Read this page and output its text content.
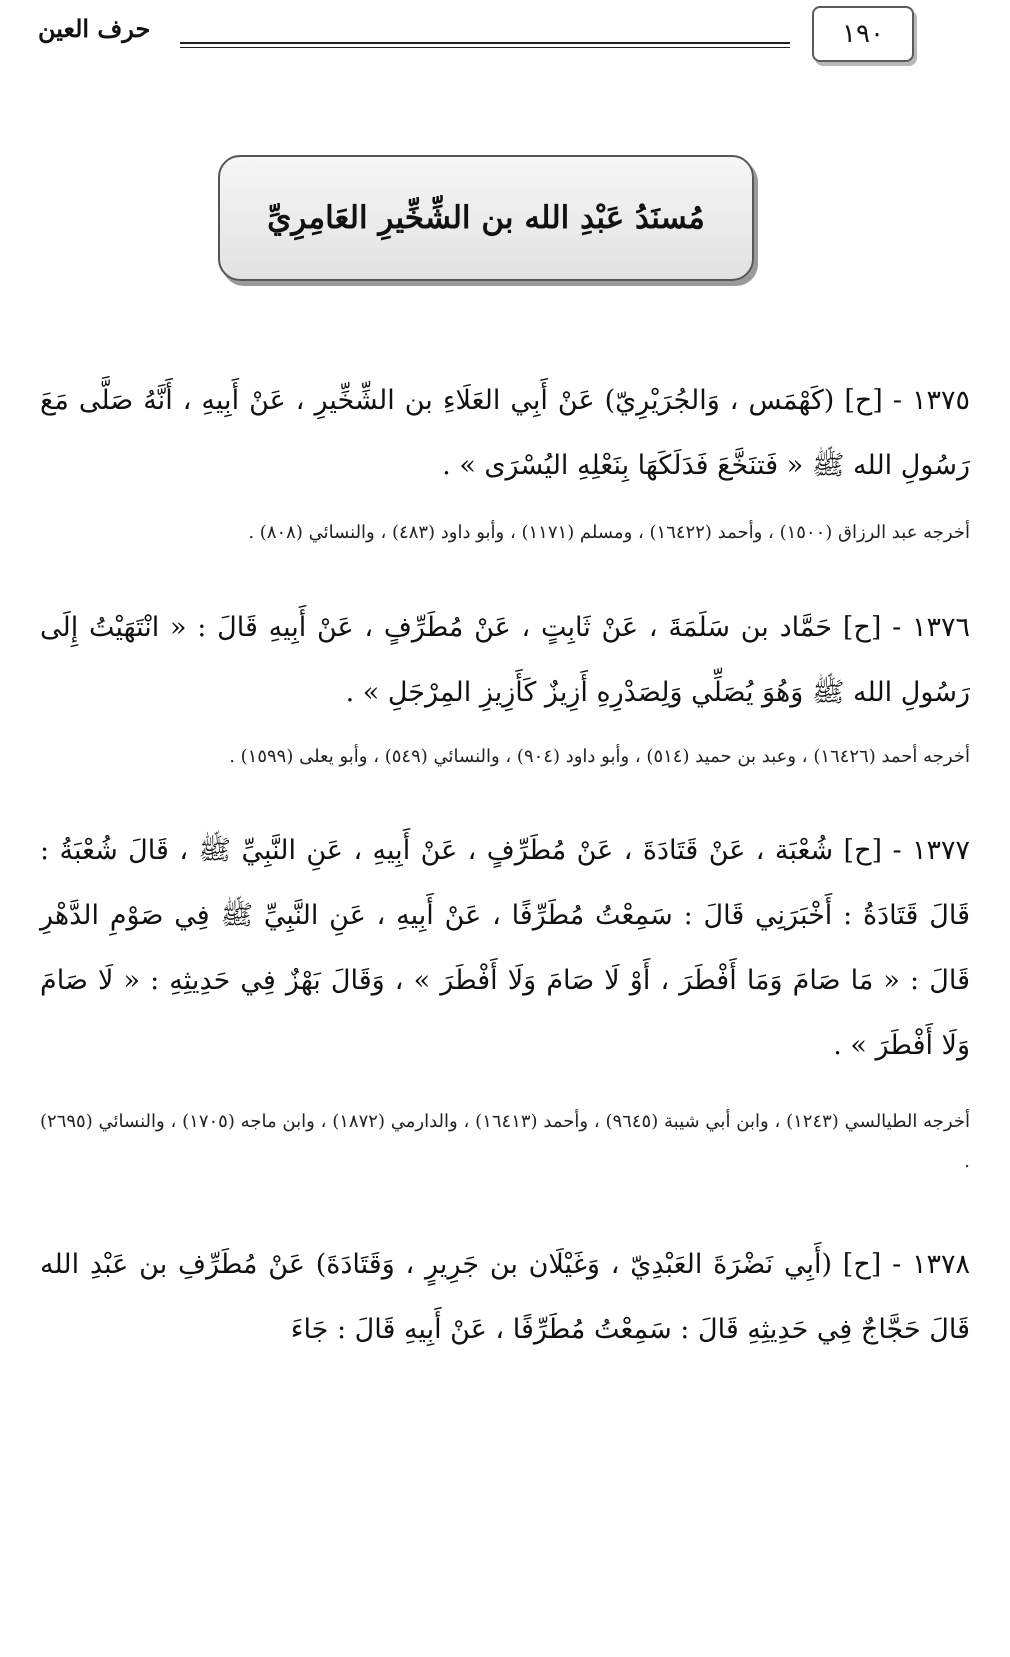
١٩٠
حرف العين
مُسنَدُ عَبْدِ الله بن الشِّخِّيرِ العَامِرِيِّ
١٣٧٥ - [ح] (كَهْمَس ، وَالجُرَيْرِيّ) عَنْ أَبِي العَلَاءِ بن الشِّخِّيرِ ، عَنْ أَبِيهِ ، أَنَّهُ صَلَّى مَعَ رَسُولِ الله ﷺ « فَتنَخَّعَ فَدَلَكَهَا بِنَعْلِهِ اليُسْرَى » .
أخرجه عبد الرزاق (١٥٠٠) ، وأحمد (١٦٤٢٢) ، ومسلم (١١٧١) ، وأبو داود (٤٨٣) ، والنسائي (٨٠٨) .
١٣٧٦ - [ح] حَمَّاد بن سَلَمَةَ ، عَنْ ثَابِتٍ ، عَنْ مُطَرِّفٍ ، عَنْ أَبِيهِ قَالَ : « انْتَهَيْتُ إِلَى رَسُولِ الله ﷺ وَهُوَ يُصَلِّي وَلِصَدْرِهِ أَزِيزٌ كَأَزِيزِ المِرْجَلِ » .
أخرجه أحمد (١٦٤٢٦) ، وعبد بن حميد (٥١٤) ، وأبو داود (٩٠٤) ، والنسائي (٥٤٩) ، وأبو يعلى (١٥٩٩) .
١٣٧٧ - [ح] شُعْبَة ، عَنْ قَتَادَةَ ، عَنْ مُطَرِّفٍ ، عَنْ أَبِيهِ ، عَنِ النَّبِيِّ ﷺ ، قَالَ شُعْبَةُ : قَالَ قَتَادَةُ : أَخْبَرَنِي قَالَ : سَمِعْتُ مُطَرِّفًا ، عَنْ أَبِيهِ ، عَنِ النَّبِيِّ ﷺ فِي صَوْمِ الدَّهْرِ قَالَ : « مَا صَامَ وَمَا أَفْطَرَ ، أَوْ لَا صَامَ وَلَا أَفْطَرَ » ، وَقَالَ بَهْزٌ فِي حَدِيثِهِ : « لَا صَامَ وَلَا أَفْطَرَ » .
أخرجه الطيالسي (١٢٤٣) ، وابن أبي شيبة (٩٦٤٥) ، وأحمد (١٦٤١٣) ، والدارمي (١٨٧٢) ، وابن ماجه (١٧٠٥) ، والنسائي (٢٦٩٥) .
١٣٧٨ - [ح] (أَبِي نَضْرَةَ العَبْدِيّ ، وَغَيْلَان بن جَرِيرٍ ، وَقَتَادَةَ) عَنْ مُطَرِّفِ بن عَبْدِ الله قَالَ حَجَّاجٌ فِي حَدِيثِهِ قَالَ : سَمِعْتُ مُطَرِّفًا ، عَنْ أَبِيهِ قَالَ : جَاءَ
